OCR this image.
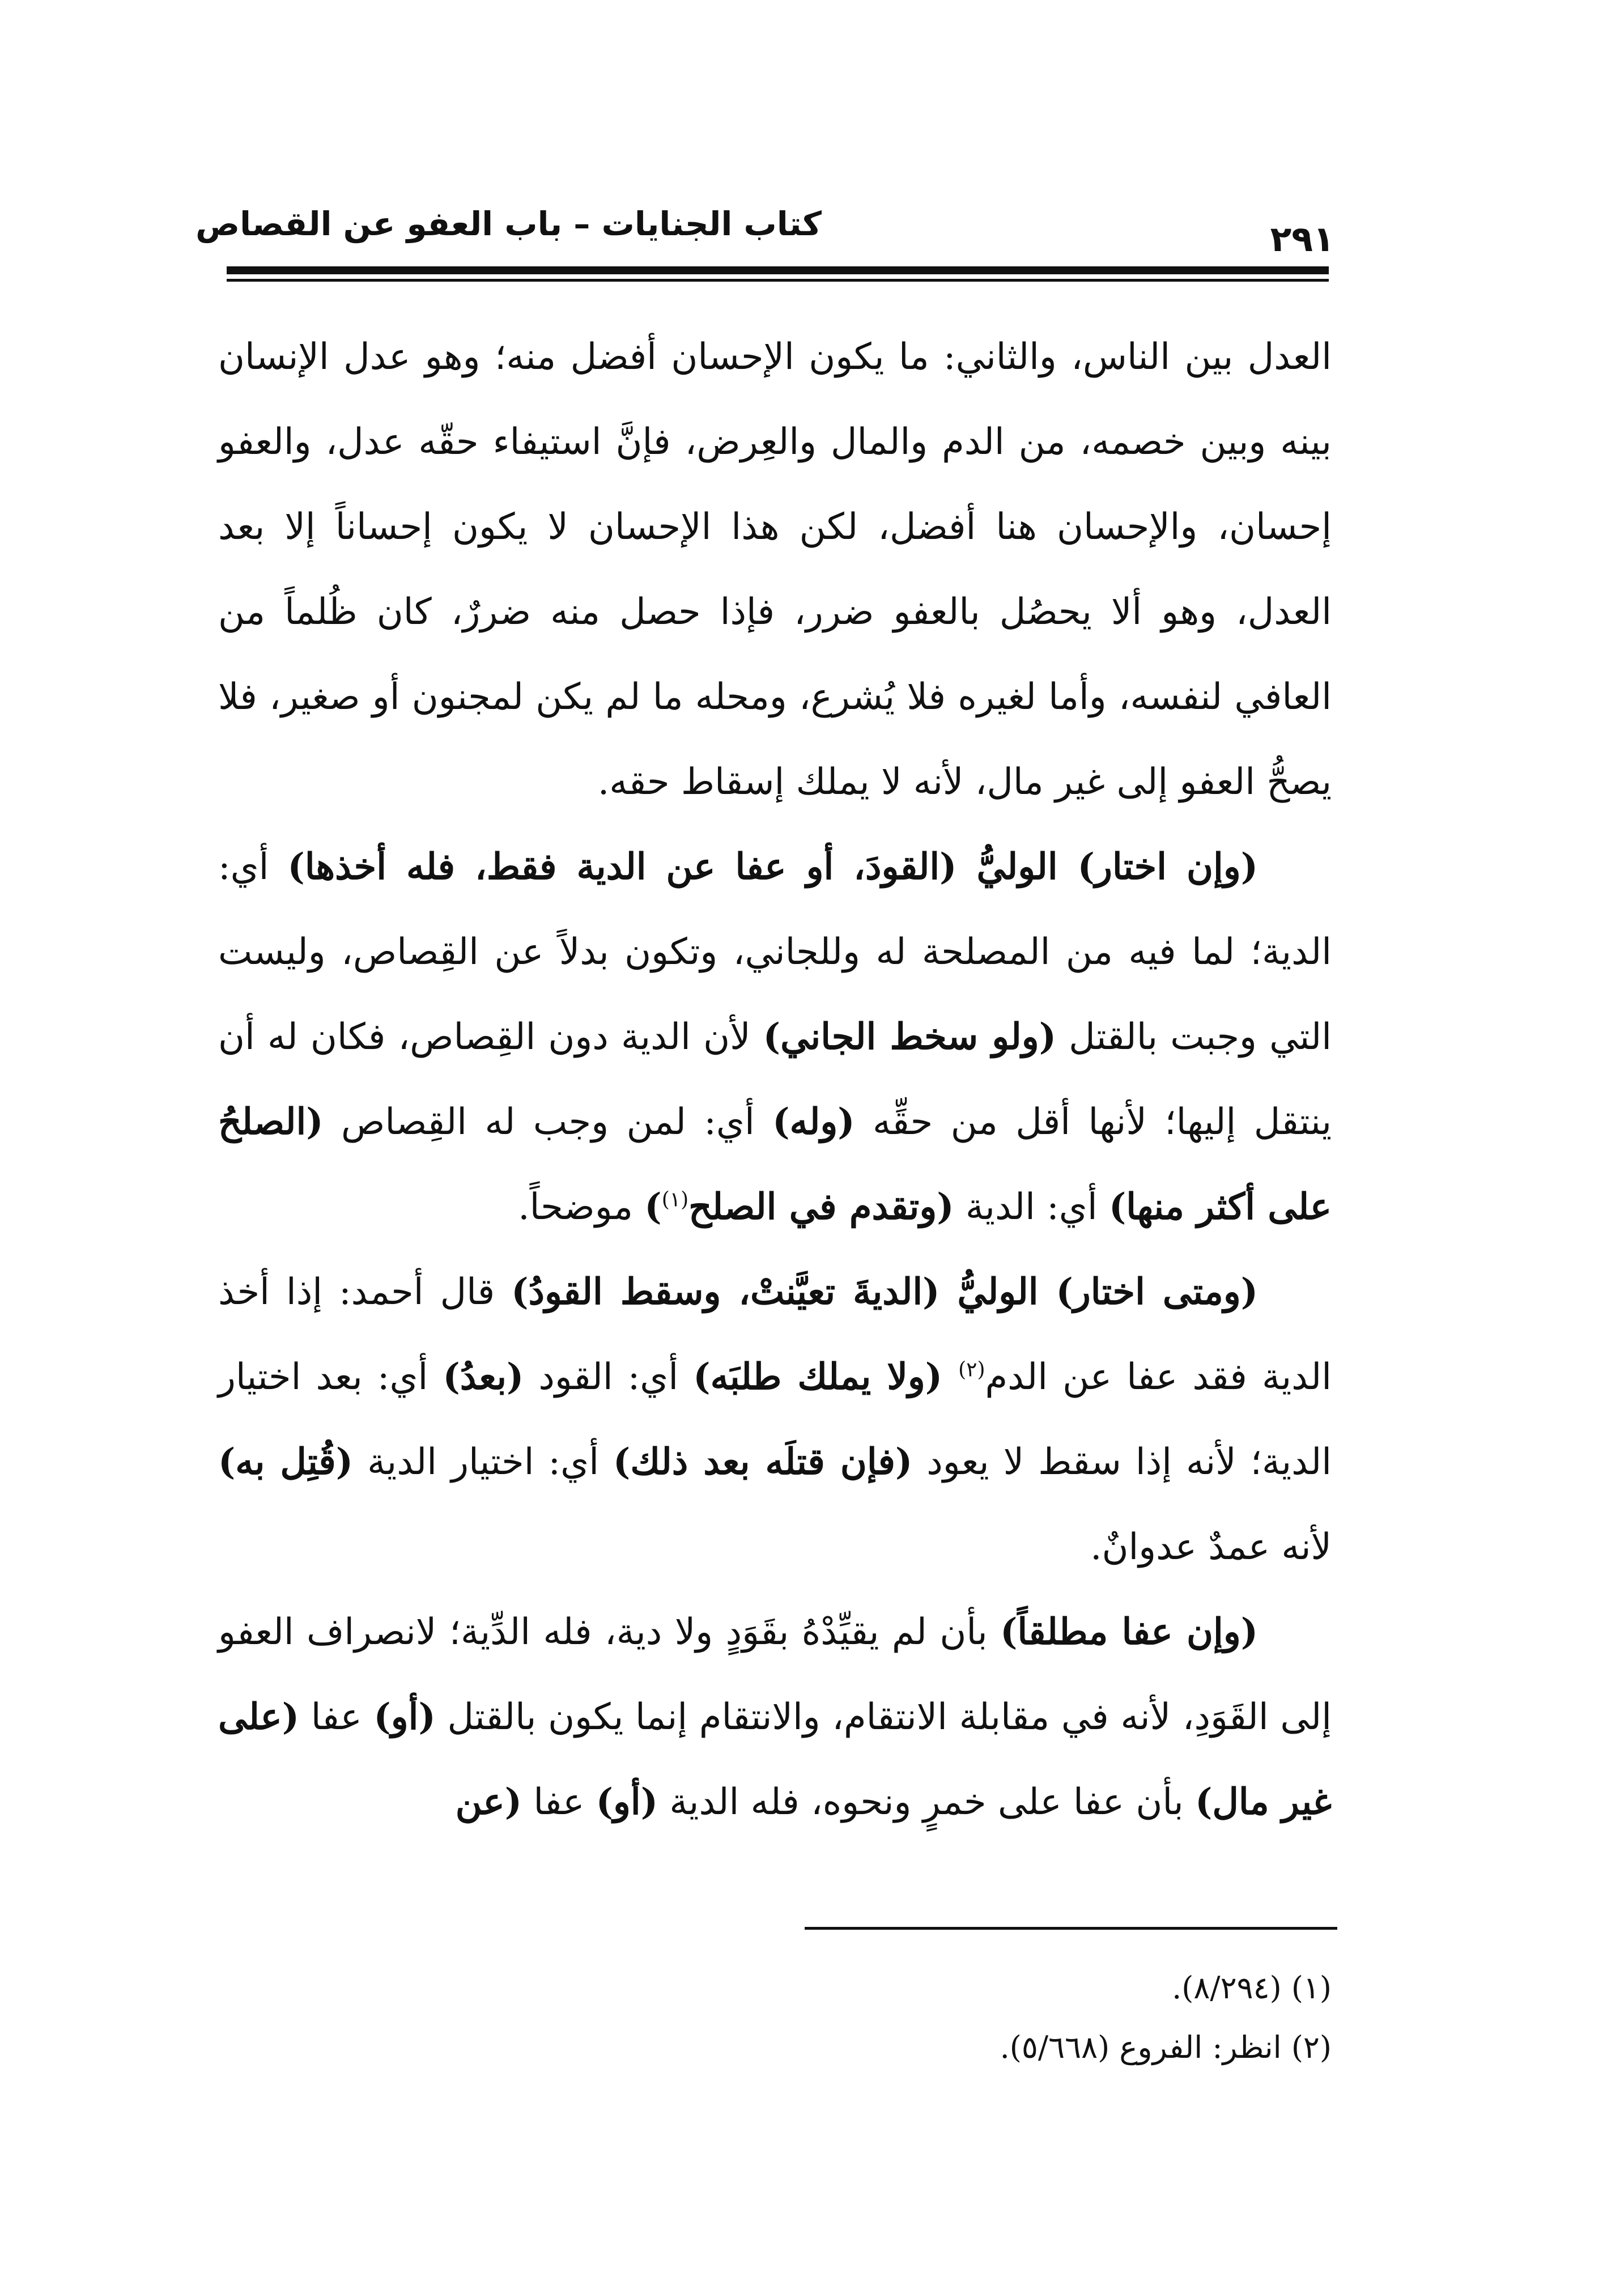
كتاب الجنايات – باب العفو عن القصاص	٢٩١

العدل بين الناس، والثاني: ما يكون الإحسان أفضل منه؛ وهو عدل الإنسان بينه وبين خصمه، من الدم والمال والعِرض، فإنَّ استيفاء حقّه عدل، والعفو إحسان، والإحسان هنا أفضل، لكن هذا الإحسان لا يكون إحساناً إلا بعد العدل، وهو ألا يحصُل بالعفو ضرر، فإذا حصل منه ضررٌ، كان ظُلماً من العافي لنفسه، وأما لغيره فلا يُشرع، ومحله ما لم يكن لمجنون أو صغير، فلا يصحُّ العفو إلى غير مال، لأنه لا يملك إسقاط حقه.

(وإن اختار) الوليُّ (القودَ، أو عفا عن الدية فقط، فله أخذها) أي: الدية؛ لما فيه من المصلحة له وللجاني، وتكون بدلاً عن القِصاص، وليست التي وجبت بالقتل (ولو سخط الجاني) لأن الدية دون القِصاص، فكان له أن ينتقل إليها؛ لأنها أقل من حقِّه (وله) أي: لمن وجب له القِصاص (الصلحُ على أكثر منها) أي: الدية (وتقدم في الصلح$^{(١)}$) موضحاً.

(ومتى اختار) الوليُّ (الديةَ تعيَّنتْ، وسقط القودُ) قال أحمد: إذا أخذ الدية فقد عفا عن الدم$^{(٢)}$ (ولا يملك طلبَه) أي: القود (بعدُ) أي: بعد اختيار الدية؛ لأنه إذا سقط لا يعود (فإن قتلَه بعد ذلك) أي: اختيار الدية (قُتِل به) لأنه عمدٌ عدوانٌ.

(وإن عفا مطلقاً) بأن لم يقيِّدْهُ بقَوَدٍ ولا دية، فله الدِّية؛ لانصراف العفو إلى القَوَدِ، لأنه في مقابلة الانتقام، والانتقام إنما يكون بالقتل (أو) عفا (على غير مال) بأن عفا على خمرٍ ونحوه، فله الدية (أو) عفا (عن

(١) (٨/٢٩٤).

(٢) انظر: الفروع (٥/٦٦٨).
